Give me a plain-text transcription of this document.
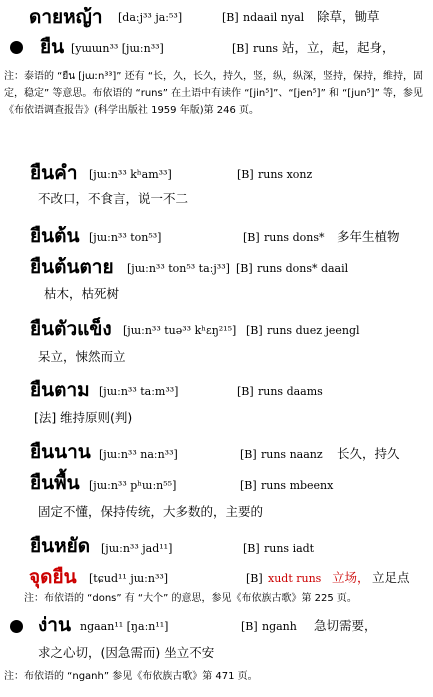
ดายหญ้า [daːj³³ jaː⁵³]	[B] ndaail nyal 除草，锄草
ยืน [yɯɯn³³ [jɯːn³³]	[B] runs 站，立，起，起身，
注：泰语的 “ยืน [jɯːn³³]” 还有 “长，久，长久，持久，竖，纵，纵深，竖持，保持，维持，固定，稳定” 等意思。布依语的 “runs” 在土语中有读作 “[jin⁵]”、“[jen⁵]” 和 “[jun⁵]” 等，参见《布依语调查报告》(科学出版社 1959 年版)第 246 页。
ยืนคำ [jɯːn³³ kʰam³³]	[B] runs xonz
不改口，不食言，说一不二
ยืนต้น [jɯːn³³ ton⁵³]	[B] runs dons* 多年生植物
ยืนต้นตาย [jɯːn³³ ton⁵³ taːj³³] [B] runs dons* daail
枯木，枯死树
ยืนตัวแข็ง [jɯːn³³ tuə³³ kʰɛŋ²¹⁵] [B] runs duez jeengl
呆立，悚然而立
ยืนตาม [jɯːn³³ taːm³³]	[B] runs daams
[法] 维持原则(判)
ยืนนาน [jɯːn³³ naːn³³]	[B] runs naanz 长久，持久
ยืนพื้น [jɯːn³³ pʰɯːn⁵⁵]	[B] runs mbeenx
固定不懂，保持传统，大多数的，主要的
ยืนหยัด [jɯːn³³ jad¹¹]	[B] runs iadt
จุดยืน [tɕud¹¹ jɯːn³³]	[B] xudt runs 立场， 立足点
注：布依语的 “dons” 有 “大个” 的意思，参见《布依族古歌》第 225 页。
ง่าน ngaan¹¹ [ŋaːn¹¹]	[B] nganh 急切需要，
求之心切，(因急需而) 坐立不安
注：布依语的 “nganh” 参见《布依族古歌》第 471 页。
